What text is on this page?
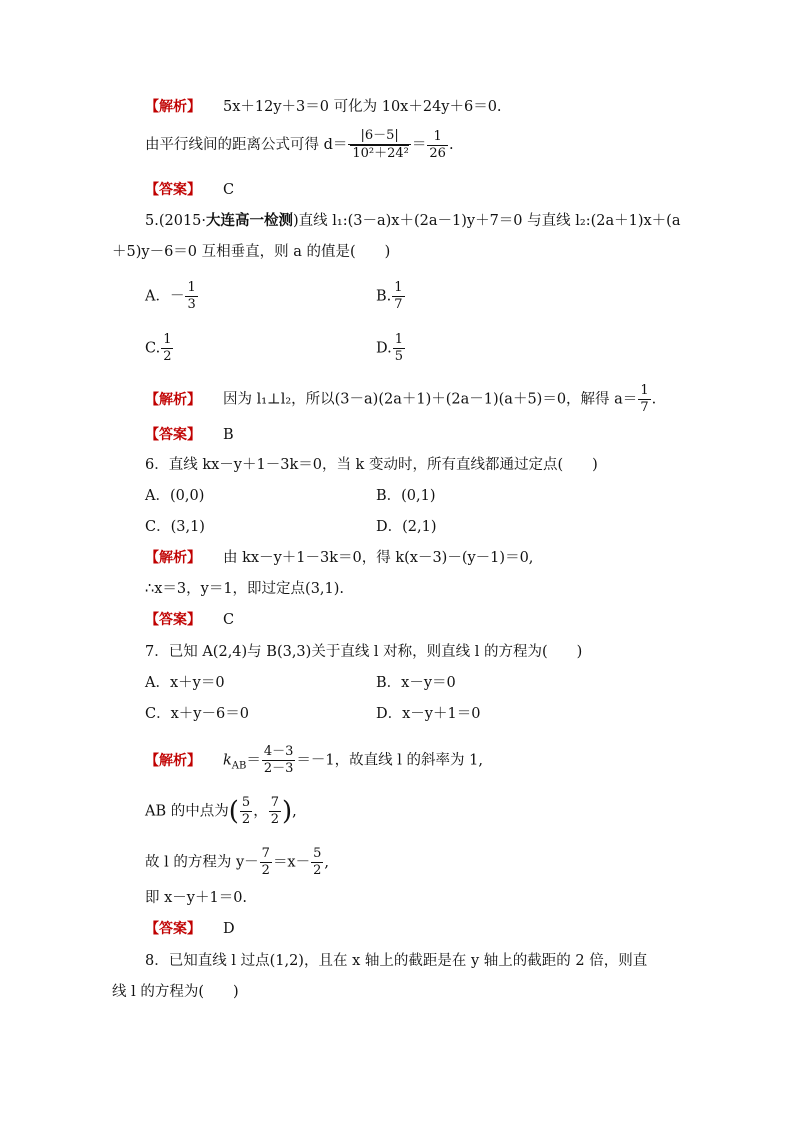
【解析】 5x＋12y＋3＝0 可化为 10x＋24y＋6＝0.
由平行线间的距离公式可得 $d= \frac{|6-5|}{\text{10²＋24²}} = \frac{1}{26}$ .
【答案】 C
5.(2015·大连高一检测)直线 l₁:(3－a)x＋(2a－1)y＋7＝0 与直线 l₂:(2a＋1)x＋(a
＋5)y－6＝0 互相垂直，则 a 的值是(　　)
A．－ $\frac{1}{3}$	B. $\frac{1}{7}$
C. $\frac{1}{2}$	D. $\frac{1}{5}$
【解析】 因为 l₁⊥l₂，所以(3－a)(2a＋1)＋(2a－1)(a＋5)＝0，解得 $a= \frac{1}{7}$ .
【答案】 B
6．直线 kx－y＋1－3k＝0，当 k 变动时，所有直线都通过定点(　　)
A．(0,0)	B．(0,1)
C．(3,1)	D．(2,1)
【解析】 由 kx－y＋1－3k＝0，得 k(x－3)－(y－1)＝0,
∴x＝3，y＝1，即过定点(3,1).
【答案】 C
7．已知 A(2,4)与 B(3,3)关于直线 l 对称，则直线 l 的方程为(　　)
A．x＋y＝0	B．x－y＝0
C．x＋y－6＝0	D．x－y＋1＝0
【解析】 $k_{AB}= \frac{4-3}{2-3} =-1$，故直线 l 的斜率为 1,
AB 的中点为( $\frac{5}{2}$ ， $\frac{7}{2}$ ),
故 l 的方程为 $y- \frac{7}{2} =x- \frac{5}{2}$ ,
即 x－y＋1＝0.
【答案】 D
8．已知直线 l 过点(1,2)，且在 x 轴上的截距是在 y 轴上的截距的 2 倍，则直
线 l 的方程为(　　)
